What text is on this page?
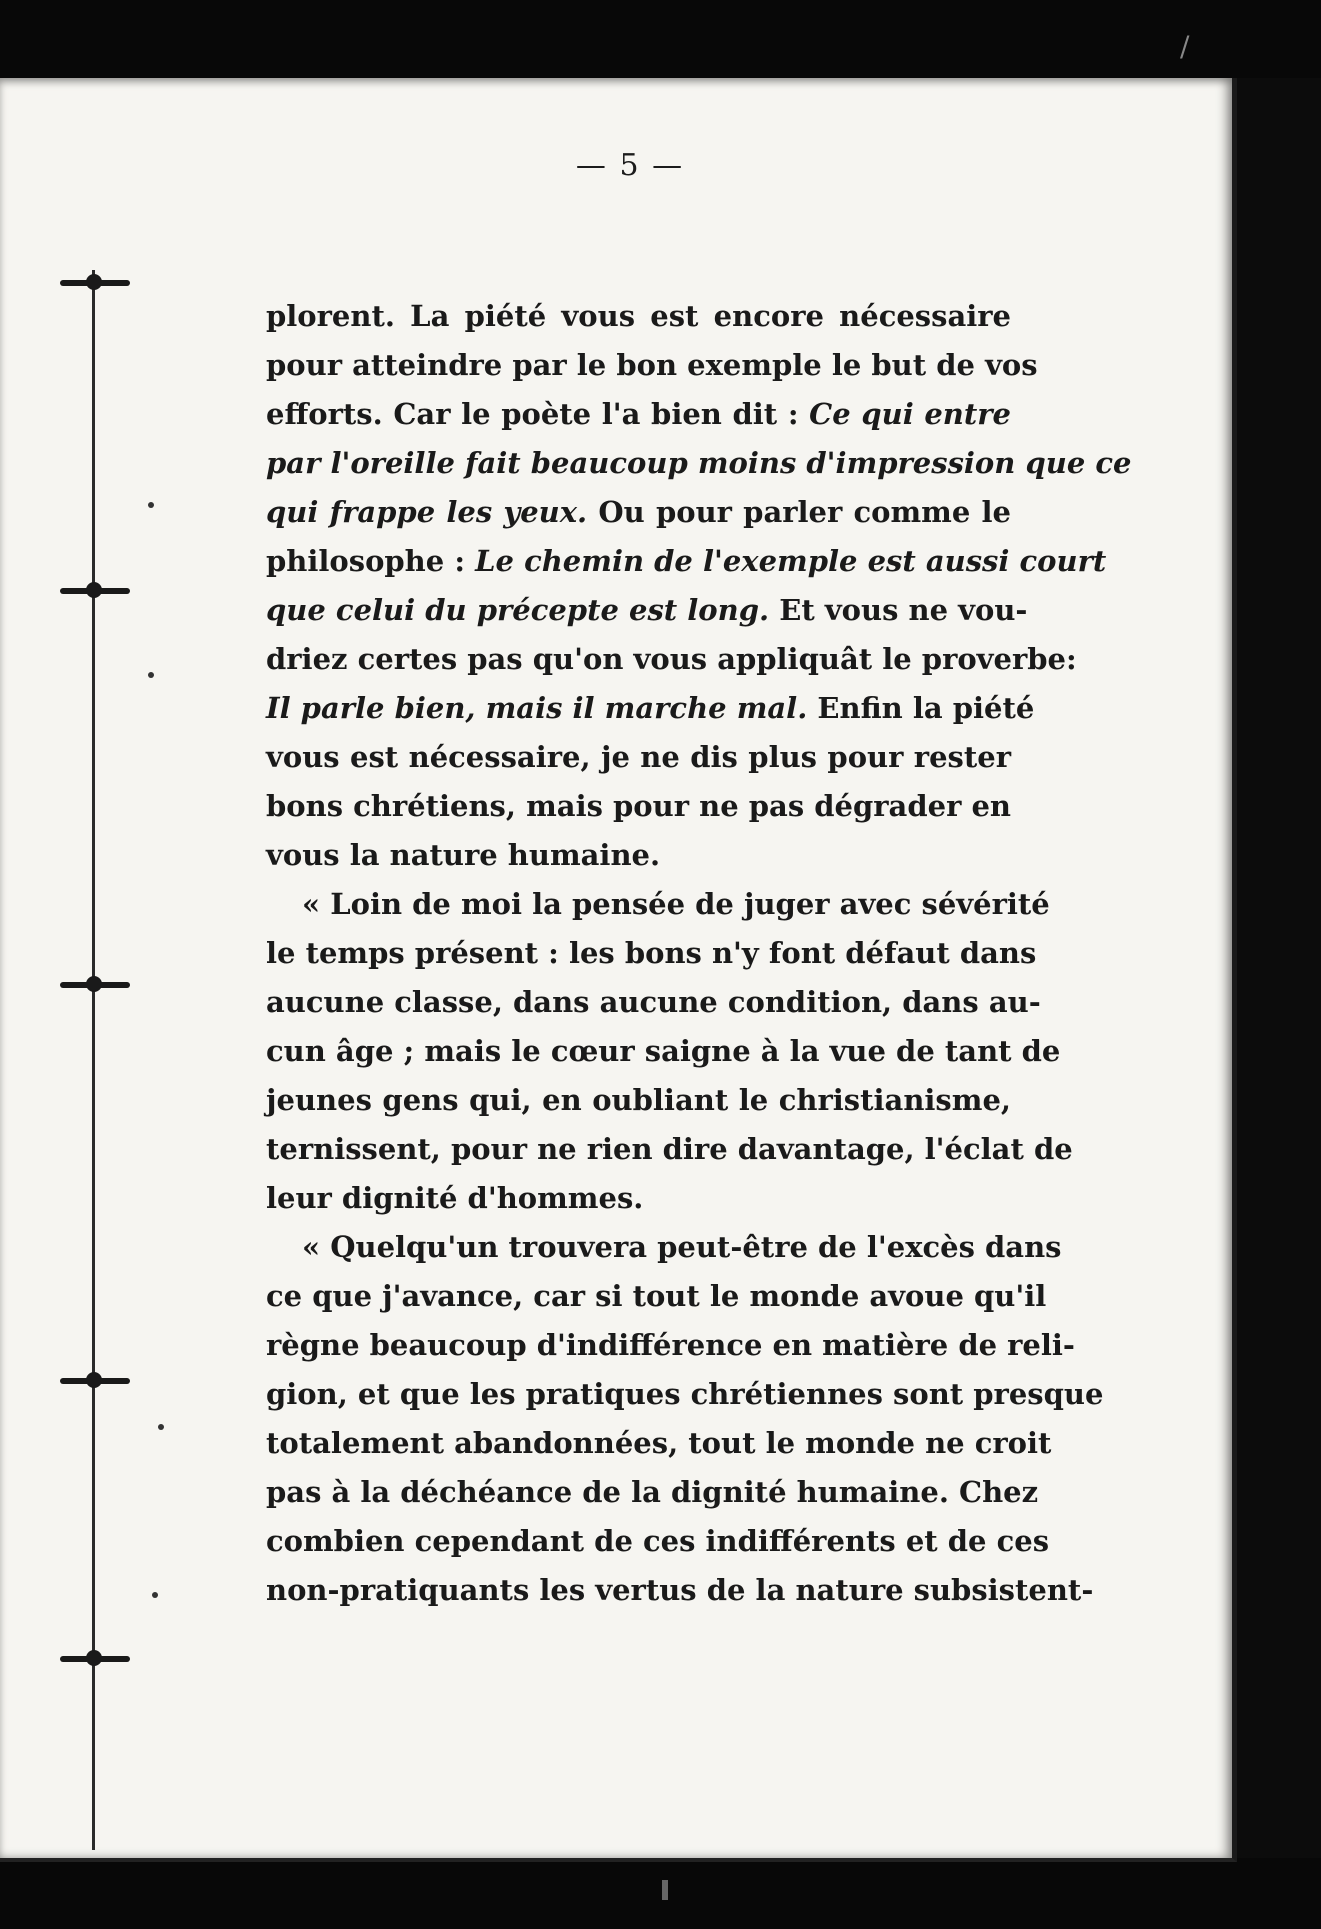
/
— 5 —
plorent. La piété vous est encore nécessaire
pour atteindre par le bon exemple le but de vos
efforts. Car le poète l'a bien dit : Ce qui entre
par l'oreille fait beaucoup moins d'impression que ce
qui frappe les yeux. Ou pour parler comme le
philosophe : Le chemin de l'exemple est aussi court
que celui du précepte est long. Et vous ne vou-
driez certes pas qu'on vous appliquât le proverbe:
Il parle bien, mais il marche mal. Enfin la piété
vous est nécessaire, je ne dis plus pour rester
bons chrétiens, mais pour ne pas dégrader en
vous la nature humaine.
« Loin de moi la pensée de juger avec sévérité
le temps présent : les bons n'y font défaut dans
aucune classe, dans aucune condition, dans au-
cun âge ; mais le cœur saigne à la vue de tant de
jeunes gens qui, en oubliant le christianisme,
ternissent, pour ne rien dire davantage, l'éclat de
leur dignité d'hommes.
« Quelqu'un trouvera peut-être de l'excès dans
ce que j'avance, car si tout le monde avoue qu'il
règne beaucoup d'indifférence en matière de reli-
gion, et que les pratiques chrétiennes sont presque
totalement abandonnées, tout le monde ne croit
pas à la déchéance de la dignité humaine. Chez
combien cependant de ces indifférents et de ces
non-pratiquants les vertus de la nature subsistent-
